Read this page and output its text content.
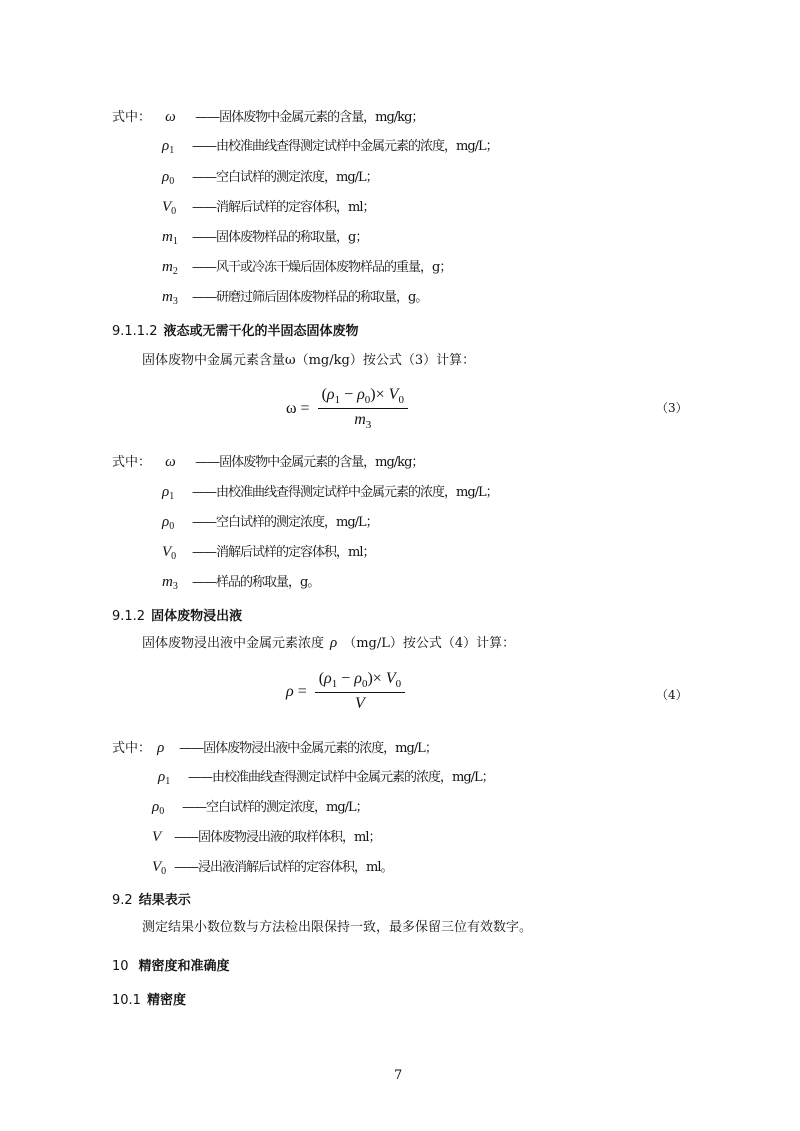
式中： ω ——固体废物中金属元素的含量，mg/kg；
$\rho_1$ ——由校准曲线查得测定试样中金属元素的浓度，mg/L；
$\rho_0$ ——空白试样的测定浓度，mg/L；
$V_0$ ——消解后试样的定容体积，ml；
$m_1$ ——固体废物样品的称取量，g；
$m_2$ ——风干或冷冻干燥后固体废物样品的重量，g；
$m_3$ ——研磨过筛后固体废物样品的称取量，g。
9.1.1.2 液态或无需干化的半固态固体废物
固体废物中金属元素含量ω（mg/kg）按公式（3）计算：
$\omega = \frac{(\rho_1 - \rho_0)\times V_0}{m_3}$	（3）
式中： ω ——固体废物中金属元素的含量，mg/kg；
$\rho_1$ ——由校准曲线查得测定试样中金属元素的浓度，mg/L；
$\rho_0$ ——空白试样的测定浓度，mg/L；
$V_0$ ——消解后试样的定容体积，ml；
$m_3$ ——样品的称取量，g。
9.1.2 固体废物浸出液
固体废物浸出液中金属元素浓度 ρ （mg/L）按公式（4）计算：
$\rho = \frac{(\rho_1 - \rho_0)\times V_0}{V}$	（4）
式中： ρ ——固体废物浸出液中金属元素的浓度，mg/L；
$\rho_1$ ——由校准曲线查得测定试样中金属元素的浓度，mg/L；
$\rho_0$ ——空白试样的测定浓度，mg/L；
V ——固体废物浸出液的取样体积，ml；
$V_0$ ——浸出液消解后试样的定容体积，ml。
9.2 结果表示
测定结果小数位数与方法检出限保持一致，最多保留三位有效数字。
10 精密度和准确度
10.1 精密度
7
